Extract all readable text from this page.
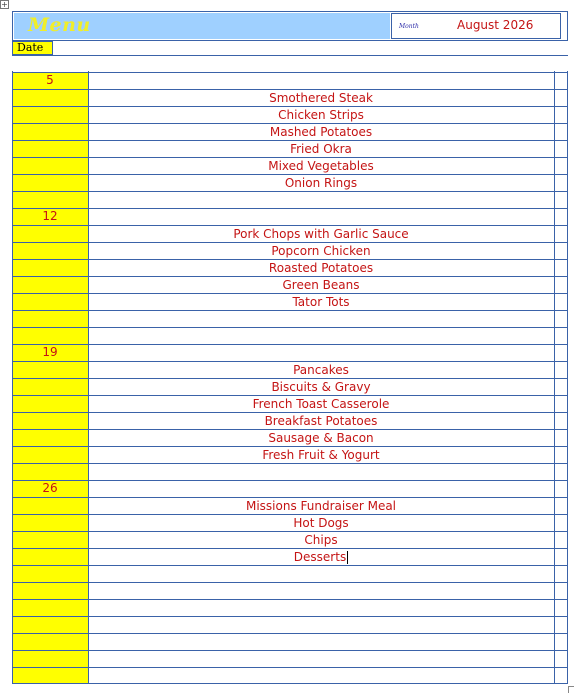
+
Menu	Month	August 2026
Date
5
Smothered Steak
Chicken Strips
Mashed Potatoes
Fried Okra
Mixed Vegetables
Onion Rings
12
Pork Chops with Garlic Sauce
Popcorn Chicken
Roasted Potatoes
Green Beans
Tator Tots
19
Pancakes
Biscuits & Gravy
French Toast Casserole
Breakfast Potatoes
Sausage & Bacon
Fresh Fruit & Yogurt
26
Missions Fundraiser Meal
Hot Dogs
Chips
Desserts
